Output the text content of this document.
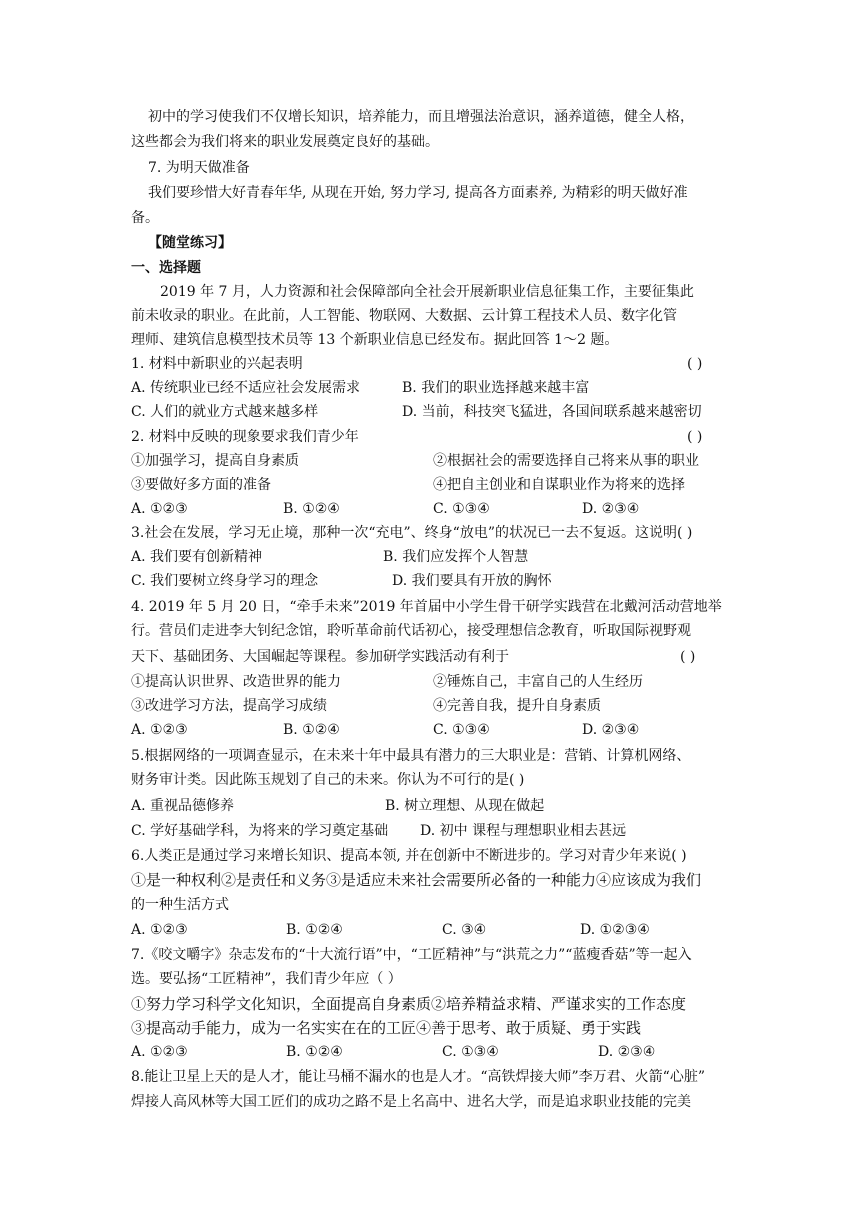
初中的学习使我们不仅增长知识，培养能力，而且增强法治意识，涵养道德，健全人格，
这些都会为我们将来的职业发展奠定良好的基础。
7. 为明天做准备
我们要珍惜大好青春年华, 从现在开始, 努力学习, 提高各方面素养, 为精彩的明天做好准
备。
【随堂练习】
一、选择题
2019 年 7 月，人力资源和社会保障部向全社会开展新职业信息征集工作，主要征集此
前未收录的职业。在此前，人工智能、物联网、大数据、云计算工程技术人员、数字化管
理师、建筑信息模型技术员等 13 个新职业信息已经发布。据此回答 1～2 题。
1. 材料中新职业的兴起表明	( )
A. 传统职业已经不适应社会发展需求	B. 我们的职业选择越来越丰富
C. 人们的就业方式越来越多样	D. 当前，科技突飞猛进，各国间联系越来越密切
2. 材料中反映的现象要求我们青少年	( )
①加强学习，提高自身素质	②根据社会的需要选择自己将来从事的职业
③要做好多方面的准备	④把自主创业和自谋职业作为将来的选择
A. ①②③	B. ①②④	C. ①③④	D. ②③④
3.社会在发展，学习无止境，那种一次“充电”、终身“放电”的状况已一去不复返。这说明( )
A. 我们要有创新精神	B. 我们应发挥个人智慧
C. 我们要树立终身学习的理念	D. 我们要具有开放的胸怀
4. 2019 年 5 月 20 日，“牵手未来”2019 年首届中小学生骨干研学实践营在北戴河活动营地举
行。营员们走进李大钊纪念馆，聆听革命前代话初心，接受理想信念教育，听取国际视野观
天下、基础团务、大国崛起等课程。参加研学实践活动有利于	( )
①提高认识世界、改造世界的能力	②锤炼自己，丰富自己的人生经历
③改进学习方法，提高学习成绩	④完善自我，提升自身素质
A. ①②③	B. ①②④	C. ①③④	D. ②③④
5.根据网络的一项调查显示，在未来十年中最具有潜力的三大职业是：营销、计算机网络、
财务审计类。因此陈玉规划了自己的未来。你认为不可行的是( )
A. 重视品德修养	B. 树立理想、从现在做起
C. 学好基础学科，为将来的学习奠定基础 D. 初中 课程与理想职业相去甚远
6.人类正是通过学习来增长知识、提高本领, 并在创新中不断进步的。学习对青少年来说( )
①是一种权利②是责任和义务③是适应未来社会需要所必备的一种能力④应该成为我们
的一种生活方式
A. ①②③	B. ①②④	C. ③④	D. ①②③④
7.《咬文嚼字》杂志发布的“十大流行语”中，“工匠精神”与“洪荒之力”“蓝瘦香菇”等一起入
选。要弘扬“工匠精神”，我们青少年应（ ）
①努力学习科学文化知识，全面提高自身素质②培养精益求精、严谨求实的工作态度
③提高动手能力，成为一名实实在在的工匠④善于思考、敢于质疑、勇于实践
A. ①②③	B. ①②④	C. ①③④	D. ②③④
8.能让卫星上天的是人才，能让马桶不漏水的也是人才。“高铁焊接大师”李万君、火箭“心脏”
焊接人高风林等大国工匠们的成功之路不是上名高中、进名大学，而是追求职业技能的完美
